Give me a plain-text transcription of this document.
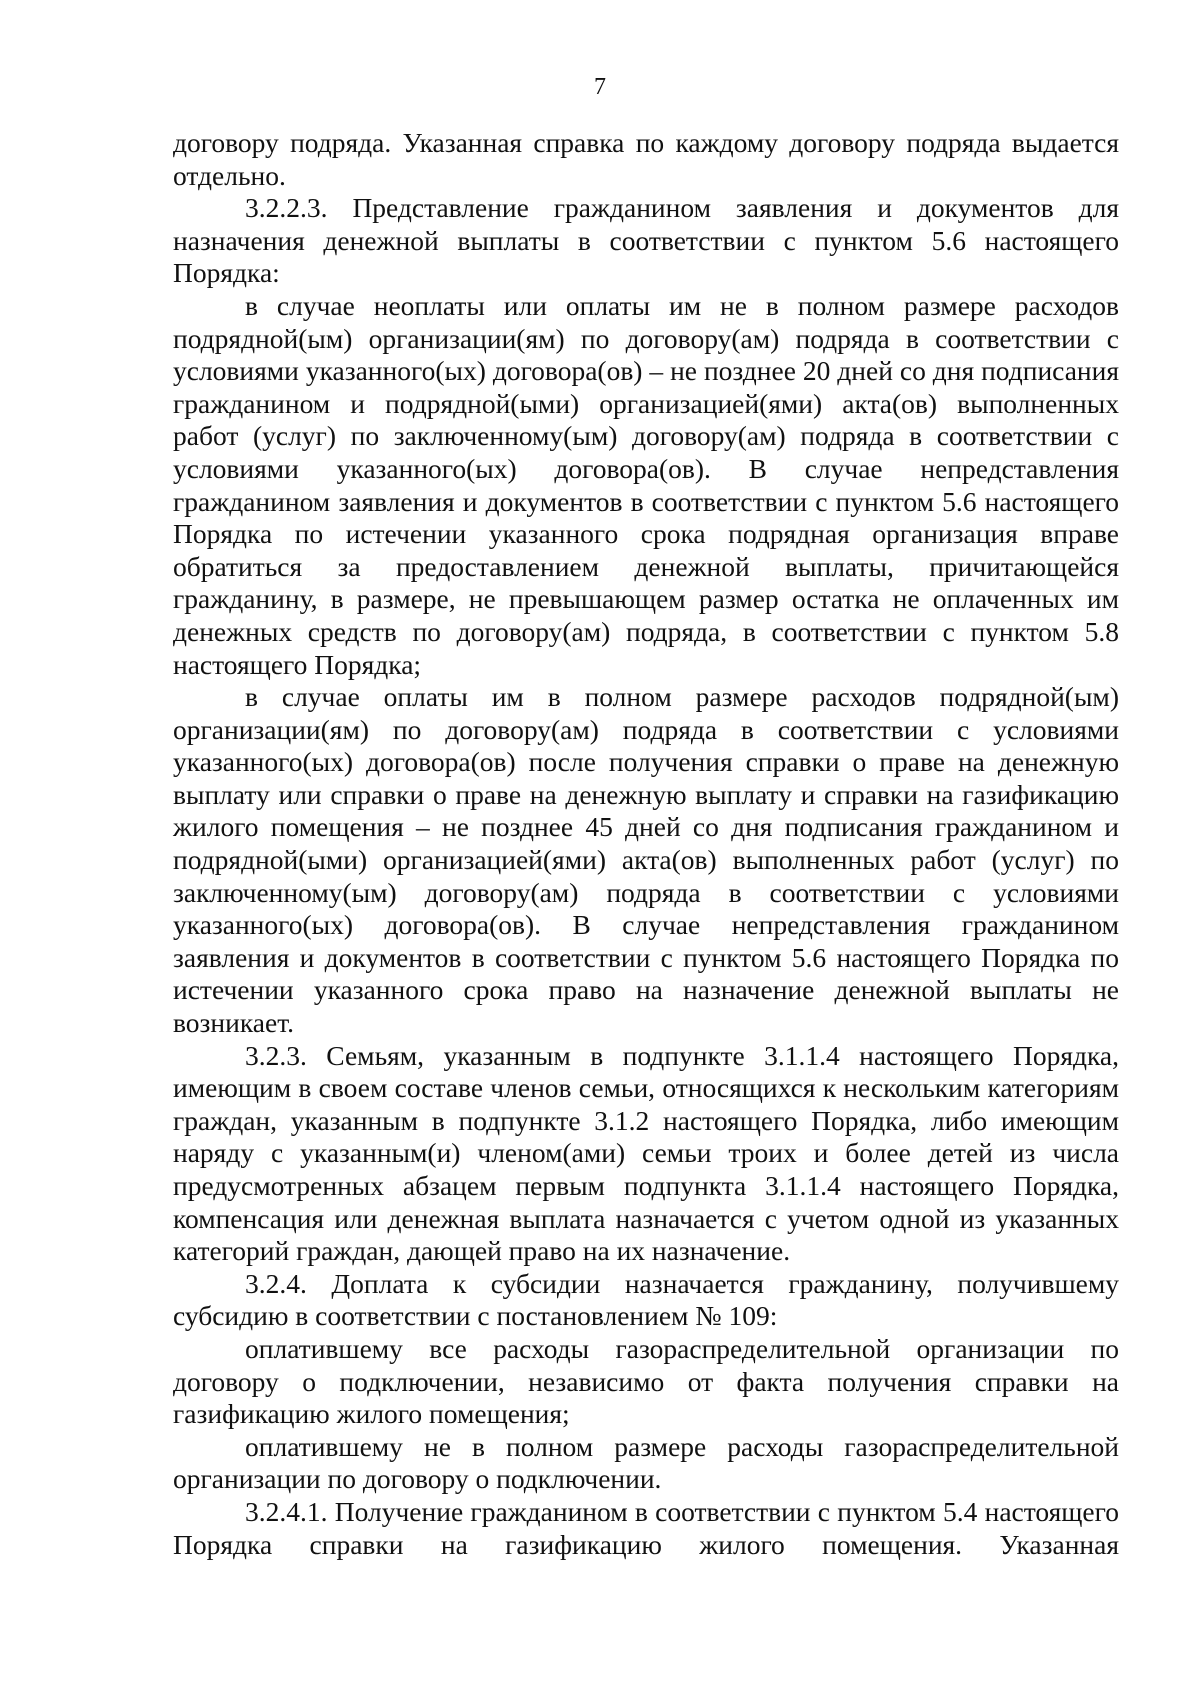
7

договору подряда. Указанная справка по каждому договору подряда выдается отдельно.

3.2.2.3. Представление гражданином заявления и документов для назначения денежной выплаты в соответствии с пунктом 5.6 настоящего Порядка:

в случае неоплаты или оплаты им не в полном размере расходов подрядной(ым) организации(ям) по договору(ам) подряда в соответствии с условиями указанного(ых) договора(ов) – не позднее 20 дней со дня подписания гражданином и подрядной(ыми) организацией(ями) акта(ов) выполненных работ (услуг) по заключенному(ым) договору(ам) подряда в соответствии с условиями указанного(ых) договора(ов). В случае непредставления гражданином заявления и документов в соответствии с пунктом 5.6 настоящего Порядка по истечении указанного срока подрядная организация вправе обратиться за предоставлением денежной выплаты, причитающейся гражданину, в размере, не превышающем размер остатка не оплаченных им денежных средств по договору(ам) подряда, в соответствии с пунктом 5.8 настоящего Порядка;

в случае оплаты им в полном размере расходов подрядной(ым) организации(ям) по договору(ам) подряда в соответствии с условиями указанного(ых) договора(ов) после получения справки о праве на денежную выплату или справки о праве на денежную выплату и справки на газификацию жилого помещения – не позднее 45 дней со дня подписания гражданином и подрядной(ыми) организацией(ями) акта(ов) выполненных работ (услуг) по заключенному(ым) договору(ам) подряда в соответствии с условиями указанного(ых) договора(ов). В случае непредставления гражданином заявления и документов в соответствии с пунктом 5.6 настоящего Порядка по истечении указанного срока право на назначение денежной выплаты не возникает.

3.2.3. Семьям, указанным в подпункте 3.1.1.4 настоящего Порядка, имеющим в своем составе членов семьи, относящихся к нескольким категориям граждан, указанным в подпункте 3.1.2 настоящего Порядка, либо имеющим наряду с указанным(и) членом(ами) семьи троих и более детей из числа предусмотренных абзацем первым подпункта 3.1.1.4 настоящего Порядка, компенсация или денежная выплата назначается с учетом одной из указанных категорий граждан, дающей право на их назначение.

3.2.4. Доплата к субсидии назначается гражданину, получившему субсидию в соответствии с постановлением № 109:

оплатившему все расходы газораспределительной организации по договору о подключении, независимо от факта получения справки на газификацию жилого помещения;

оплатившему не в полном размере расходы газораспределительной организации по договору о подключении.

3.2.4.1. Получение гражданином в соответствии с пунктом 5.4 настоящего Порядка справки на газификацию жилого помещения. Указанная
